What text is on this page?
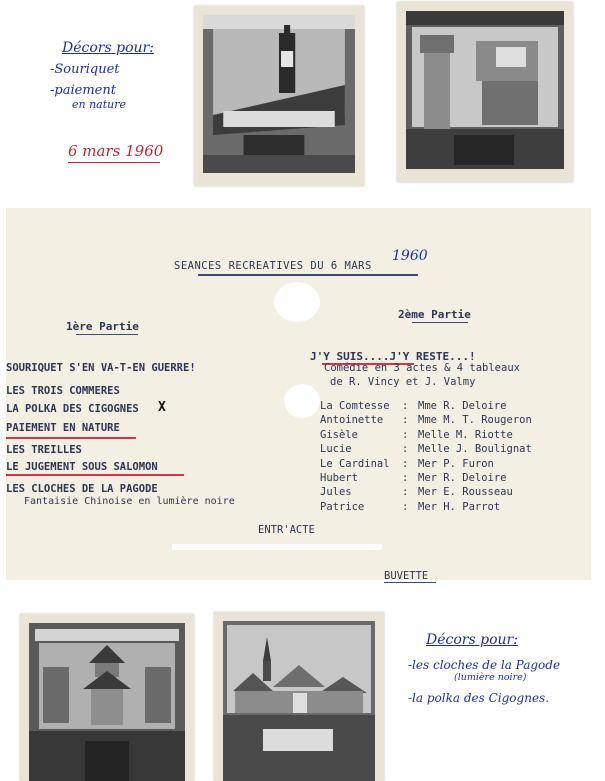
Décors pour:
-Souriquet
-paiement
en nature
6 mars 1960
SEANCES RECREATIVES DU 6 MARS
1960
1ère Partie
SOURIQUET S'EN VA-T-EN GUERRE!
LES TROIS COMMERES
LA POLKA DES CIGOGNES X
PAIEMENT EN NATURE
LES TREILLES
LE JUGEMENT SOUS SALOMON
LES CLOCHES DE LA PAGODE
Fantaisie Chinoise en lumière noire
2ème Partie
J'Y SUIS....J'Y RESTE...!
Comédie en 3 actes & 4 tableaux
de R. Vincy et J. Valmy
La Comtesse : Mme R. Deloire
Antoinette : Mme M. T. Rougeron
Gisèle	: Melle M. Riotte
Lucie	: Melle J. Boulignat
Le Cardinal : Mer P. Furon
Hubert	: Mer R. Deloire
Jules	: Mer E. Rousseau
Patrice	: Mer H. Parrot
ENTR'ACTE
BUVETTE
Décors pour:
-les cloches de la Pagode
(lumière noire)
-la polka des Cigognes.
